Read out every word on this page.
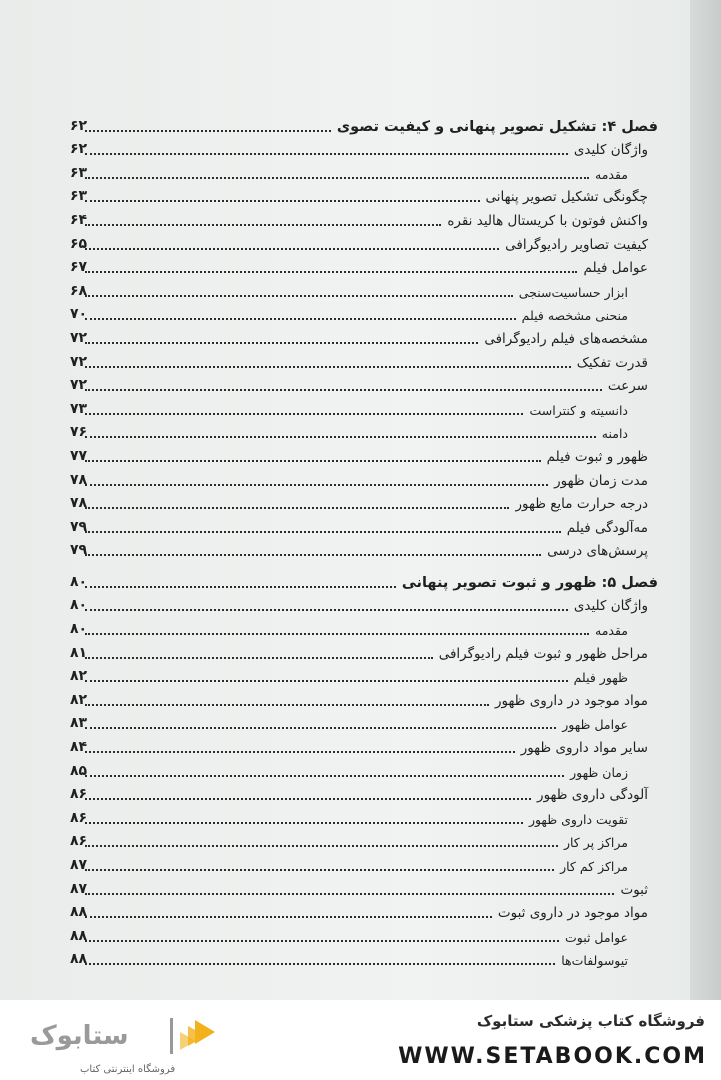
۶۲	فصل ۴: تشکیل تصویر پنهانی و کیفیت تصوی
۶۲	واژگان کلیدی
۶۳	مقدمه
۶۳	چگونگی تشکیل تصویر پنهانی
۶۴	واکنش فوتون با کریستال هالید نقره
۶۵	کیفیت تصاویر رادیوگرافی
۶۷	عوامل فیلم
۶۸	ابزار حساسیت‌سنجی
۷۰	منحنی مشخصه فیلم
۷۲	مشخصه‌های فیلم رادیوگرافی
۷۲	قدرت تفکیک
۷۲	سرعت
۷۳	دانسیته و کنتراست
۷۶	دامنه
۷۷	ظهور و ثبوت فیلم
۷۸	مدت زمان ظهور
۷۸	درجه حرارت مایع ظهور
۷۹	مه‌آلودگی فیلم
۷۹	پرسش‌های درسی
۸۰	فصل ۵: ظهور و ثبوت تصویر پنهانی
۸۰	واژگان کلیدی
۸۰	مقدمه
۸۱	مراحل ظهور و ثبوت فیلم رادیوگرافی
۸۲	ظهور فیلم
۸۲	مواد موجود در داروی ظهور
۸۳	عوامل ظهور
۸۴	سایر مواد داروی ظهور
۸۵	زمان ظهور
۸۶	آلودگی داروی ظهور
۸۶	تقویت داروی ظهور
۸۶	مراکز پر کار
۸۷	مراکز کم کار
۸۷	ثبوت
۸۸	مواد موجود در داروی ثبوت
۸۸	عوامل ثبوت
۸۸	تیوسولفات‌ها
ستابوک
فروشگاه اینترنتی کتاب
فروشگاه کتاب پزشکی ستابوک
WWW.SETABOOK.COM
